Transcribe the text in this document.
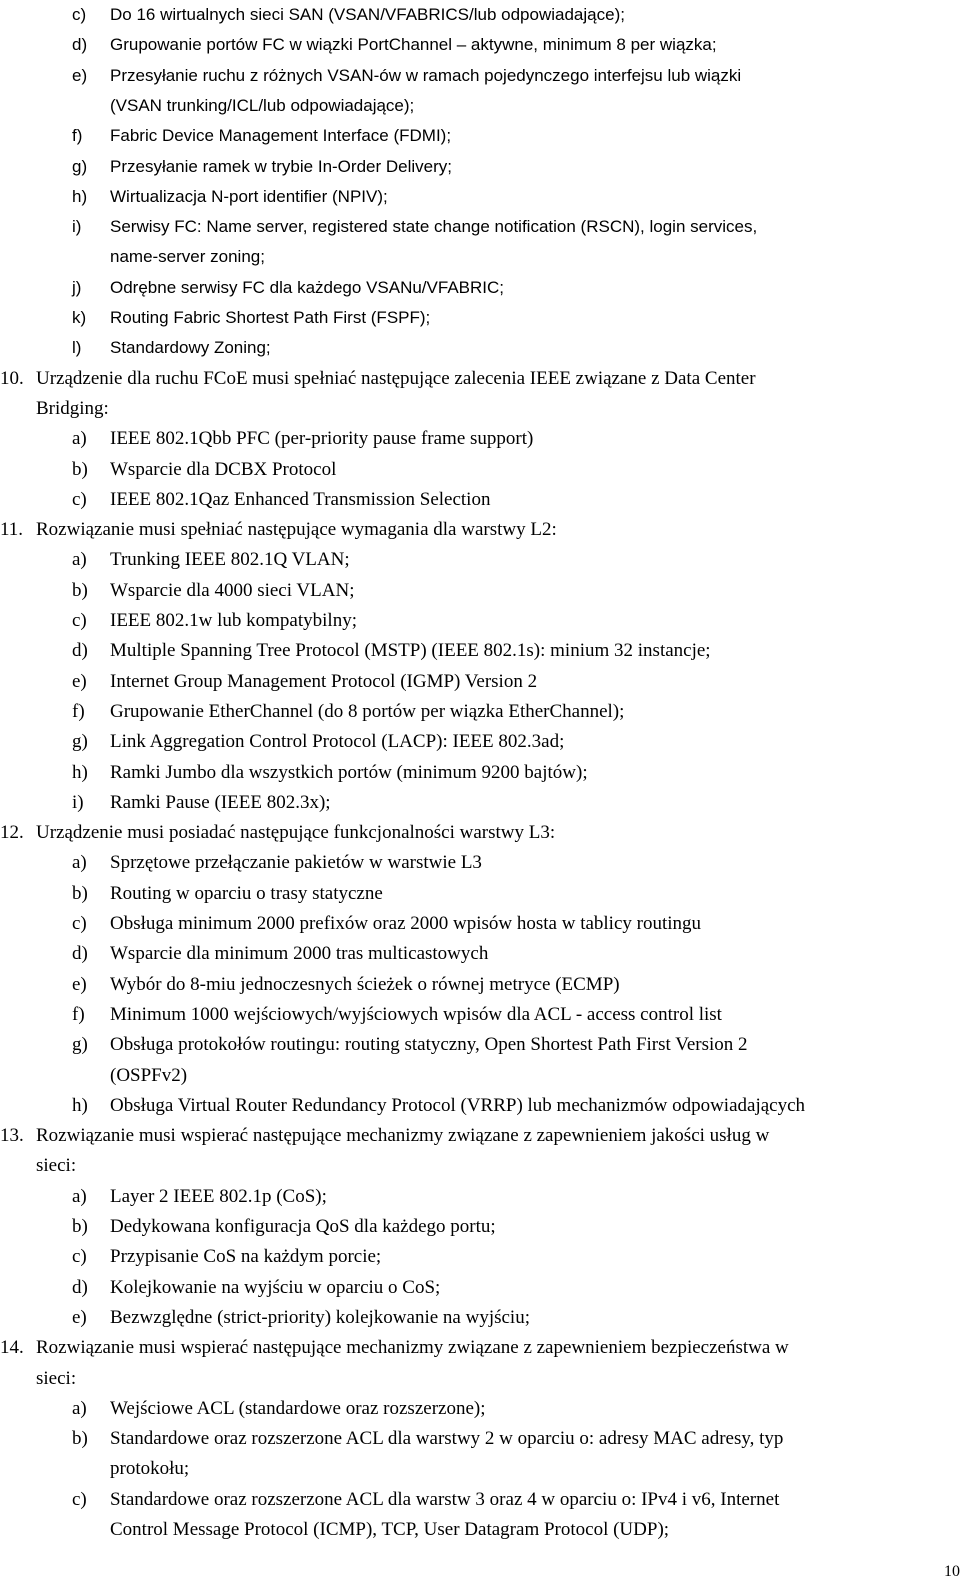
c) Do 16 wirtualnych sieci SAN (VSAN/VFABRICS/lub odpowiadające);
d) Grupowanie portów FC w wiązki PortChannel – aktywne, minimum 8 per wiązka;
e) Przesyłanie ruchu z różnych VSAN-ów w ramach pojedynczego interfejsu lub wiązki
(VSAN trunking/ICL/lub odpowiadające);
f) Fabric Device Management Interface (FDMI);
g) Przesyłanie ramek w trybie In-Order Delivery;
h) Wirtualizacja N-port identifier (NPIV);
i) Serwisy FC: Name server, registered state change notification (RSCN), login services,
name-server zoning;
j) Odrębne serwisy FC dla każdego VSANu/VFABRIC;
k) Routing Fabric Shortest Path First (FSPF);
l) Standardowy Zoning;
10. Urządzenie dla ruchu FCoE musi spełniać następujące zalecenia IEEE związane z Data Center
Bridging:
a) IEEE 802.1Qbb PFC (per-priority pause frame support)
b) Wsparcie dla DCBX Protocol
c) IEEE 802.1Qaz Enhanced Transmission Selection
11. Rozwiązanie musi spełniać następujące wymagania dla warstwy L2:
a) Trunking IEEE 802.1Q VLAN;
b) Wsparcie dla 4000 sieci VLAN;
c) IEEE 802.1w lub kompatybilny;
d) Multiple Spanning Tree Protocol (MSTP) (IEEE 802.1s): minium 32 instancje;
e) Internet Group Management Protocol (IGMP) Version 2
f) Grupowanie EtherChannel (do 8 portów per wiązka EtherChannel);
g) Link Aggregation Control Protocol (LACP): IEEE 802.3ad;
h) Ramki Jumbo dla wszystkich portów (minimum 9200 bajtów);
i) Ramki Pause (IEEE 802.3x);
12. Urządzenie musi posiadać następujące funkcjonalności warstwy L3:
a) Sprzętowe przełączanie pakietów w warstwie L3
b) Routing w oparciu o trasy statyczne
c) Obsługa minimum 2000 prefixów oraz 2000 wpisów hosta w tablicy routingu
d) Wsparcie dla minimum 2000 tras multicastowych
e) Wybór do 8-miu jednoczesnych ścieżek o równej metryce (ECMP)
f) Minimum 1000 wejściowych/wyjściowych wpisów dla ACL - access control list
g) Obsługa protokołów routingu: routing statyczny, Open Shortest Path First Version 2
(OSPFv2)
h) Obsługa Virtual Router Redundancy Protocol (VRRP) lub mechanizmów odpowiadających
13. Rozwiązanie musi wspierać następujące mechanizmy związane z zapewnieniem jakości usług w
sieci:
a) Layer 2 IEEE 802.1p (CoS);
b) Dedykowana konfiguracja QoS dla każdego portu;
c) Przypisanie CoS na każdym porcie;
d) Kolejkowanie na wyjściu w oparciu o CoS;
e) Bezwzględne (strict-priority) kolejkowanie na wyjściu;
14. Rozwiązanie musi wspierać następujące mechanizmy związane z zapewnieniem bezpieczeństwa w
sieci:
a) Wejściowe ACL (standardowe oraz rozszerzone);
b) Standardowe oraz rozszerzone ACL dla warstwy 2 w oparciu o: adresy MAC adresy, typ
protokołu;
c) Standardowe oraz rozszerzone ACL dla warstw 3 oraz 4 w oparciu o: IPv4 i v6, Internet
Control Message Protocol (ICMP), TCP, User Datagram Protocol (UDP);
10
